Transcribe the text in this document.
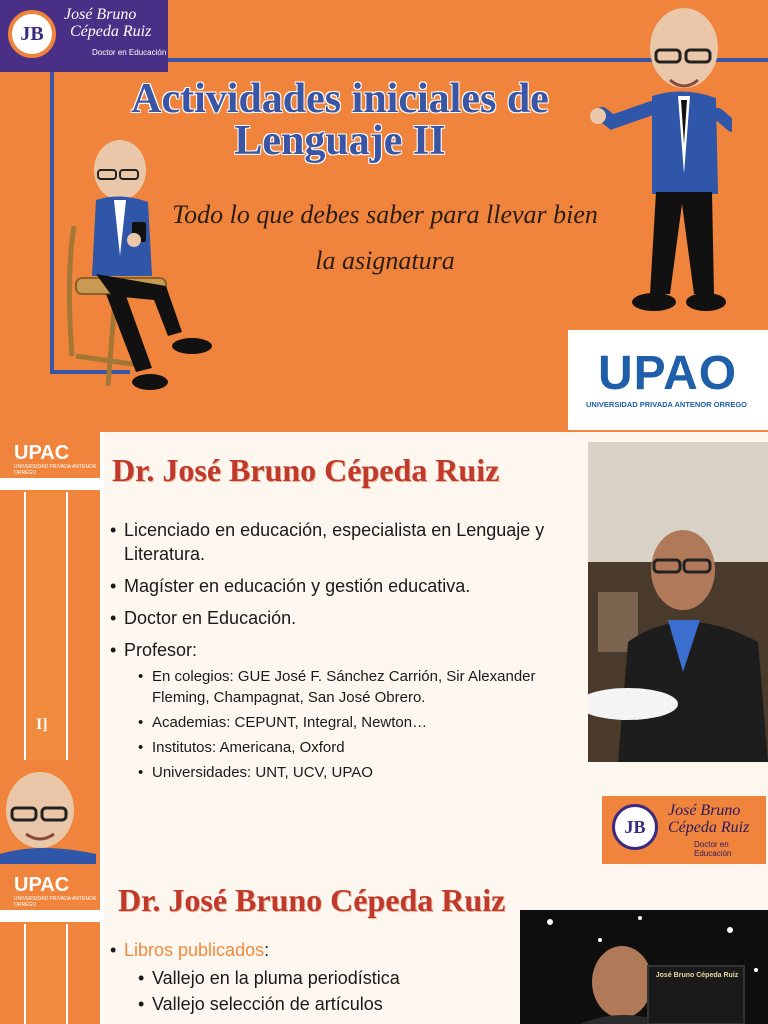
JB
José Bruno
Cépeda Ruiz
Doctor en Educación
Actividades iniciales de
Lenguaje II
Todo lo que debes saber para llevar bien
la asignatura
UPAO
UNIVERSIDAD PRIVADA ANTENOR ORREGO
UPAC
UNIVERSIDAD PRIVADA ANTENOR ORREGO
I]
Dr. José Bruno Cépeda Ruiz
• Licenciado en educación, especialista en Lenguaje y Literatura.
• Magíster en educación y gestión educativa.
• Doctor en Educación.
• Profesor:
• En colegios: GUE José F. Sánchez Carrión, Sir Alexander Fleming, Champagnat, San José Obrero.
• Academias: CEPUNT, Integral, Newton…
• Institutos: Americana, Oxford
• Universidades: UNT, UCV, UPAO
JB
José Bruno
Cépeda Ruiz
Doctor en Educación
UPAC
UNIVERSIDAD PRIVADA ANTENOR ORREGO	Dr. José Bruno Cépeda Ruiz
• Libros publicados:
• Vallejo en la pluma periodística
• Vallejo selección de artículos
José Bruno Cépeda Ruiz
